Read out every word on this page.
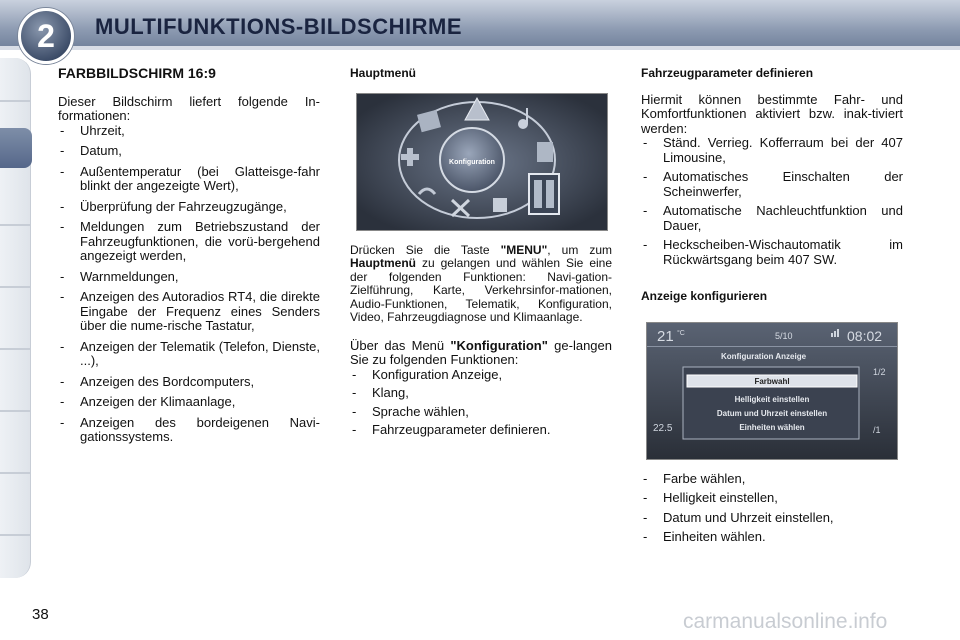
2	MULTIFUNKTIONS-BILDSCHIRME
FARBBILDSCHIRM 16:9

Dieser Bildschirm liefert folgende In-formationen:

- Uhrzeit,
- Datum,
- Außentemperatur (bei Glatteisge-fahr blinkt der angezeigte Wert),
- Überprüfung der Fahrzeugzugänge,
- Meldungen zum Betriebszustand der Fahrzeugfunktionen, die vorü-bergehend angezeigt werden,
- Warnmeldungen,
- Anzeigen des Autoradios RT4, die direkte Eingabe der Frequenz eines Senders über die nume-rische Tastatur,
- Anzeigen der Telematik (Telefon, Dienste, ...),
- Anzeigen des Bordcomputers,
- Anzeigen der Klimaanlage,
- Anzeigen des bordeigenen Navi-gationssystems.
Hauptmenü
Konfiguration

Drücken Sie die Taste "MENU", um zum Hauptmenü zu gelangen und wählen Sie eine der folgenden Funktionen: Navi-gation-Zielführung, Karte, Verkehrsinfor-mationen, Audio-Funktionen, Telematik, Konfiguration, Video, Fahrzeugdiagnose und Klimaanlage.

Über das Menü "Konfiguration" ge-langen Sie zu folgenden Funktionen:

- Konfiguration Anzeige,
- Klang,
- Sprache wählen,
- Fahrzeugparameter definieren.
Fahrzeugparameter definieren

Hiermit können bestimmte Fahr- und Komfortfunktionen aktiviert bzw. inak-tiviert werden:

- Ständ. Verrieg. Kofferraum bei der 407 Limousine,
- Automatisches Einschalten der Scheinwerfer,
- Automatische Nachleuchtfunktion und Dauer,
- Heckscheiben-Wischautomatik im Rückwärtsgang beim 407 SW.
Anzeige konfigurieren
21 °C	5/10	08:02
Konfiguration Anzeige
Farbwahl
Helligkeit einstellen
Datum und Uhrzeit einstellen
Einheiten wählen
1/2
/1
22.5
- Farbe wählen,
- Helligkeit einstellen,
- Datum und Uhrzeit einstellen,
- Einheiten wählen.
38	carmanualsonline.info
